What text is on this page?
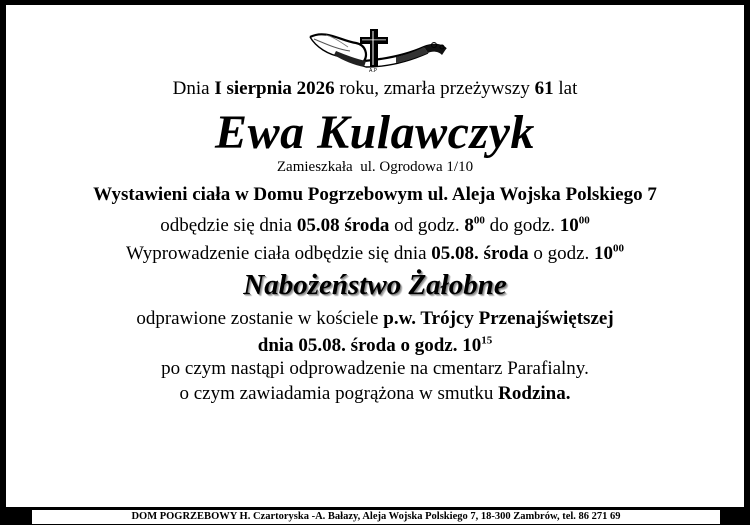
A.P
Dnia I sierpnia 2026 roku, zmarła przeżywszy 61 lat
Ewa Kulawczyk
Zamieszkała ul. Ogrodowa 1/10
Wystawieni ciała w Domu Pogrzebowym ul. Aleja Wojska Polskiego 7
odbędzie się dnia 05.08 środa od godz. $8^{00}$ do godz. $10^{00}$
Wyprowadzenie ciała odbędzie się dnia 05.08. środa o godz. $10^{00}$
Nabożeństwo Żałobne
odprawione zostanie w kościele p.w. Trójcy Przenajświętszej
dnia 05.08. środa o godz. $10^{15}$
po czym nastąpi odprowadzenie na cmentarz Parafialny.
o czym zawiadamia pogrążona w smutku Rodzina.
DOM POGRZEBOWY H. Czartoryska -A. Bałazy, Aleja Wojska Polskiego 7, 18-300 Zambrów, tel. 86 271 69
